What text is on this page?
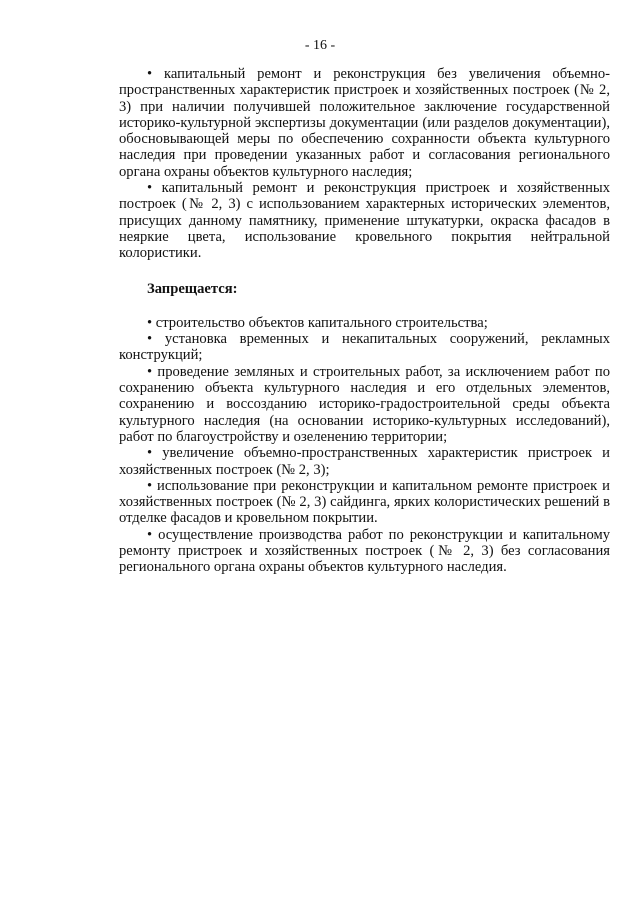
- 16 -

• капитальный ремонт и реконструкция без увеличения объемно-пространственных характеристик пристроек и хозяйственных построек (№ 2, 3) при наличии получившей положительное заключение государственной историко-культурной экспертизы документации (или разделов документации), обосновывающей меры по обеспечению сохранности объекта культурного наследия при проведении указанных работ и согласования регионального органа охраны объектов культурного наследия;

• капитальный ремонт и реконструкция пристроек и хозяйственных построек (№ 2, 3) с использованием характерных исторических элементов, присущих данному памятнику, применение штукатурки, окраска фасадов в неяркие цвета, использование кровельного покрытия нейтральной колористики.

Запрещается:

• строительство объектов капитального строительства;

• установка временных и некапитальных сооружений, рекламных конструкций;

• проведение земляных и строительных работ, за исключением работ по сохранению объекта культурного наследия и его отдельных элементов, сохранению и воссозданию историко-градостроительной среды объекта культурного наследия (на основании историко-культурных исследований), работ по благоустройству и озеленению территории;

• увеличение объемно-пространственных характеристик пристроек и хозяйственных построек (№ 2, 3);

• использование при реконструкции и капитальном ремонте пристроек и хозяйственных построек (№ 2, 3) сайдинга, ярких колористических решений в отделке фасадов и кровельном покрытии.

• осуществление производства работ по реконструкции и капитальному ремонту пристроек и хозяйственных построек (№ 2, 3) без согласования регионального органа охраны объектов культурного наследия.
